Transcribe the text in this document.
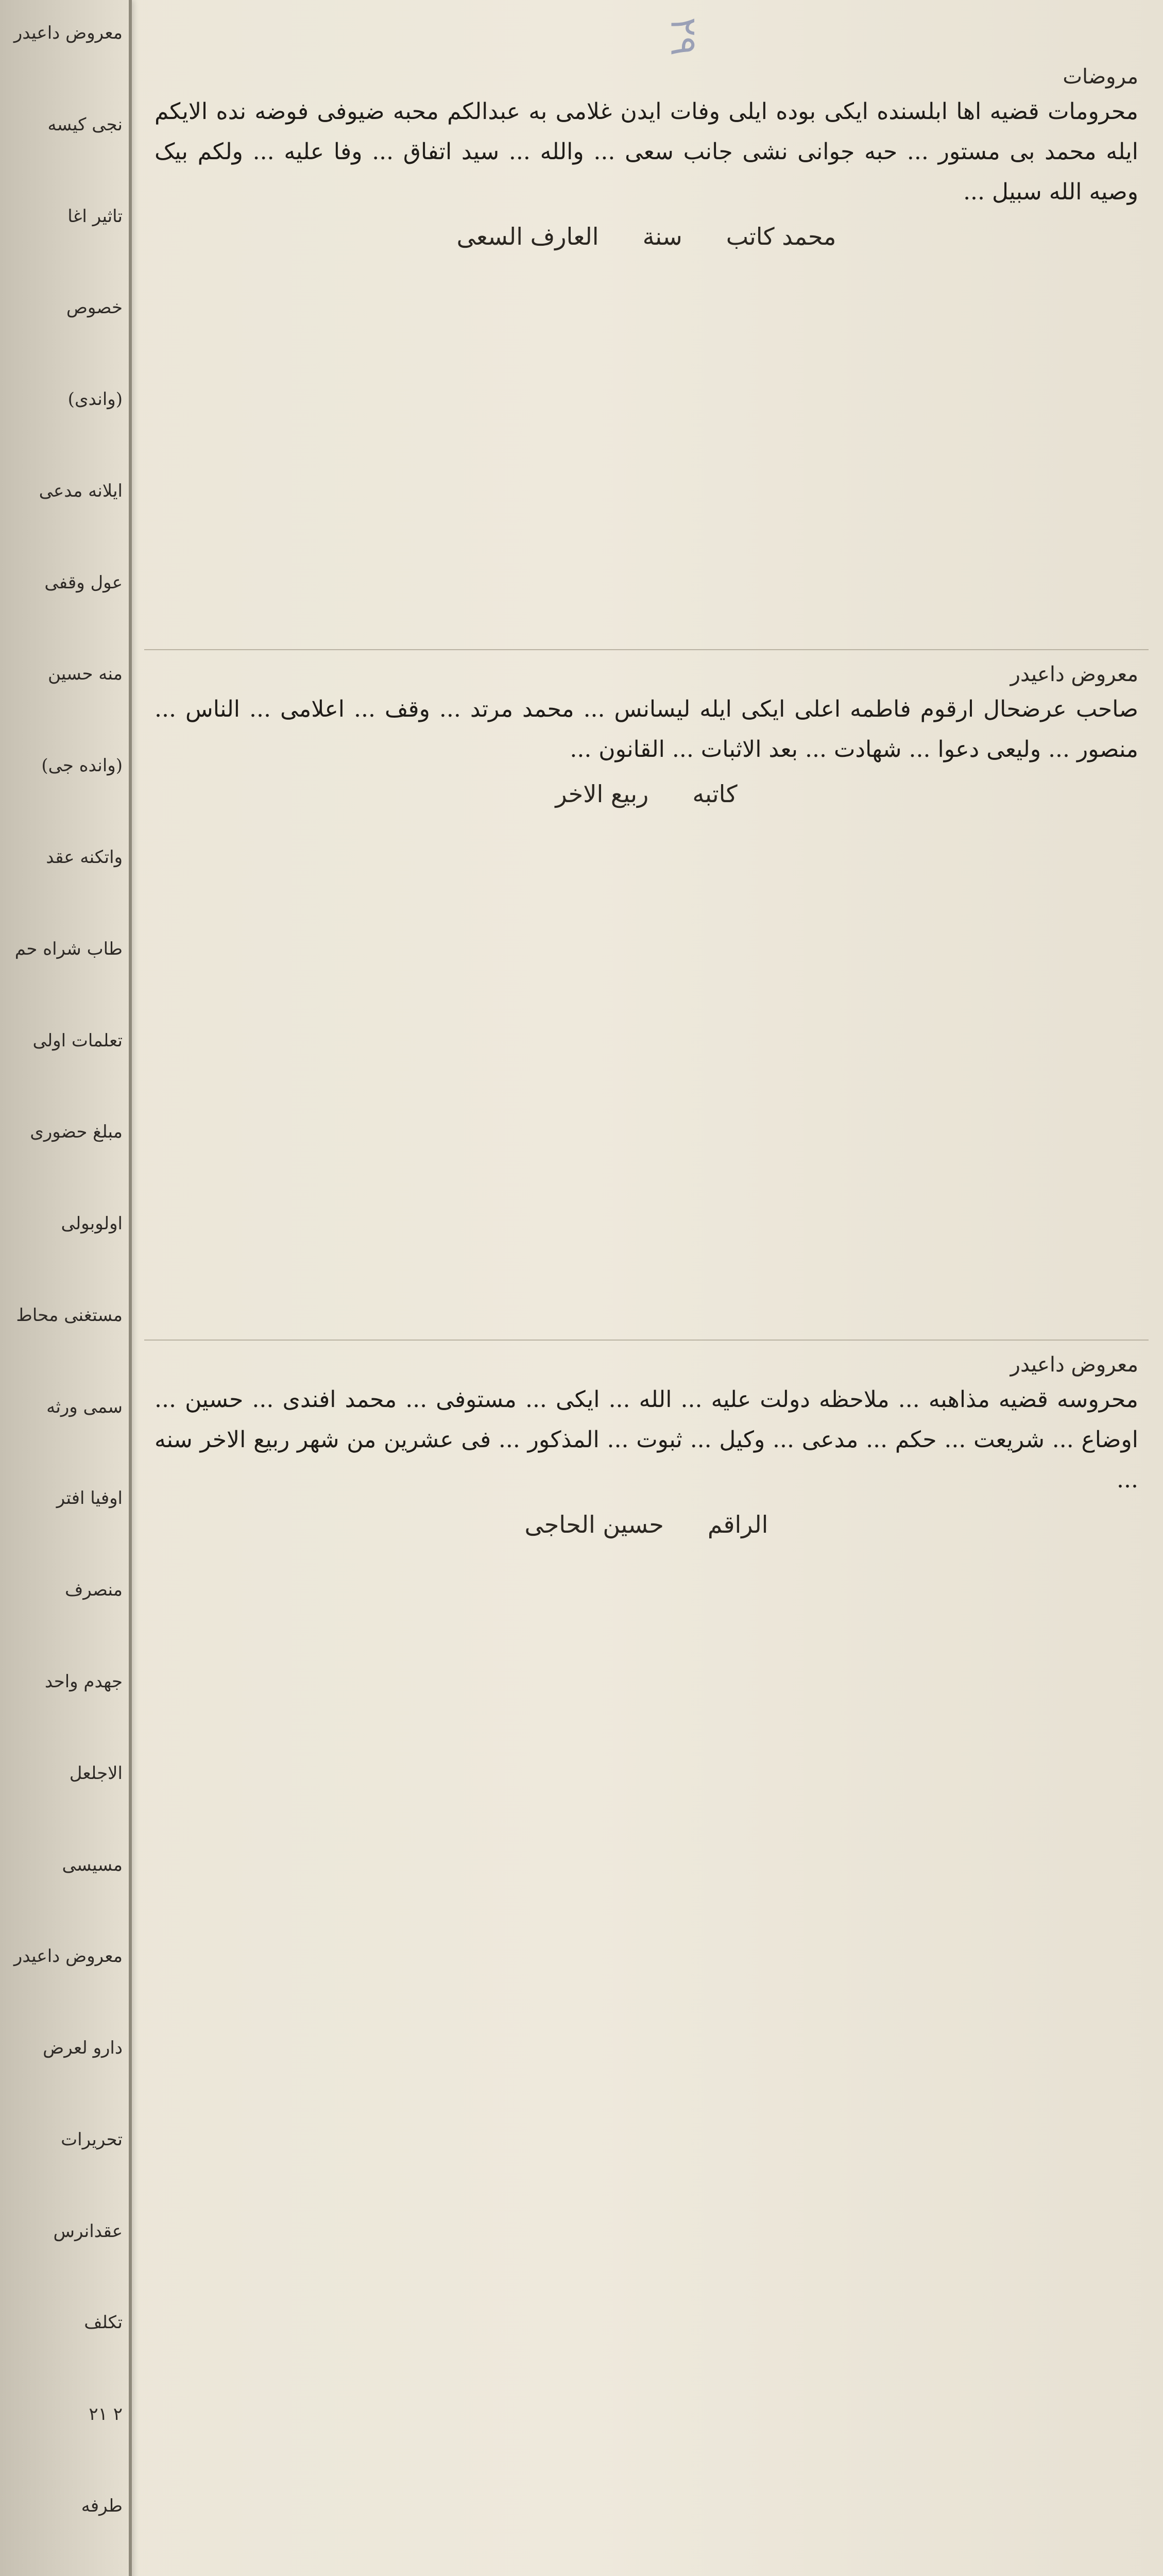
٢٩
معروض داعیدر
نجی کیسه
تاثیر اغا
خصوص
(واندی)
ایلانه مدعی
عول وقفی
منه حسین
(وانده جی)
واتکنه عقد
طاب شراه حم
تعلمات اولی
مبلغ حضوری
اولوبولی
مستغنی محاط
سمی ورثه
اوفیا افتر
منصرف
جهدم واحد
الاجلعل
مسیسی
معروض داعیدر
دارو لعرض
تحریرات
عقدانرس
تکلف
۲۱ ۲
طرفه
مروضات
محرومات قضیه اها ابلسنده ایکی بوده ایلی وفات ایدن غلامی به عبدالکم محبه ضیوفی فوضه نده الایکم ایله محمد بی مستور ... حبه جوانی نشی جانب سعی ... والله ... سید اتفاق ... وفا علیه ... ولکم بیک وصیه الله سبیل ...
محمد کاتب سنة العارف السعی
معروض داعیدر
صاحب عرضحال ارقوم فاطمه اعلی ایکی ایله لیسانس ... محمد مرتد ... وقف ... اعلامی ... الناس ... منصور ... ولیعی دعوا ... شهادت ... بعد الاثبات ... القانون ...
کاتبه ربیع الاخر
معروض داعیدر
محروسه قضیه مذاهبه ... ملاحظه دولت علیه ... الله ... ایکی ... مستوفی ... محمد افندی ... حسین ... اوضاع ... شریعت ... حکم ... مدعی ... وکیل ... ثبوت ... المذکور ... فی عشرین من شهر ربیع الاخر سنه ...
الراقم حسین الحاجی
